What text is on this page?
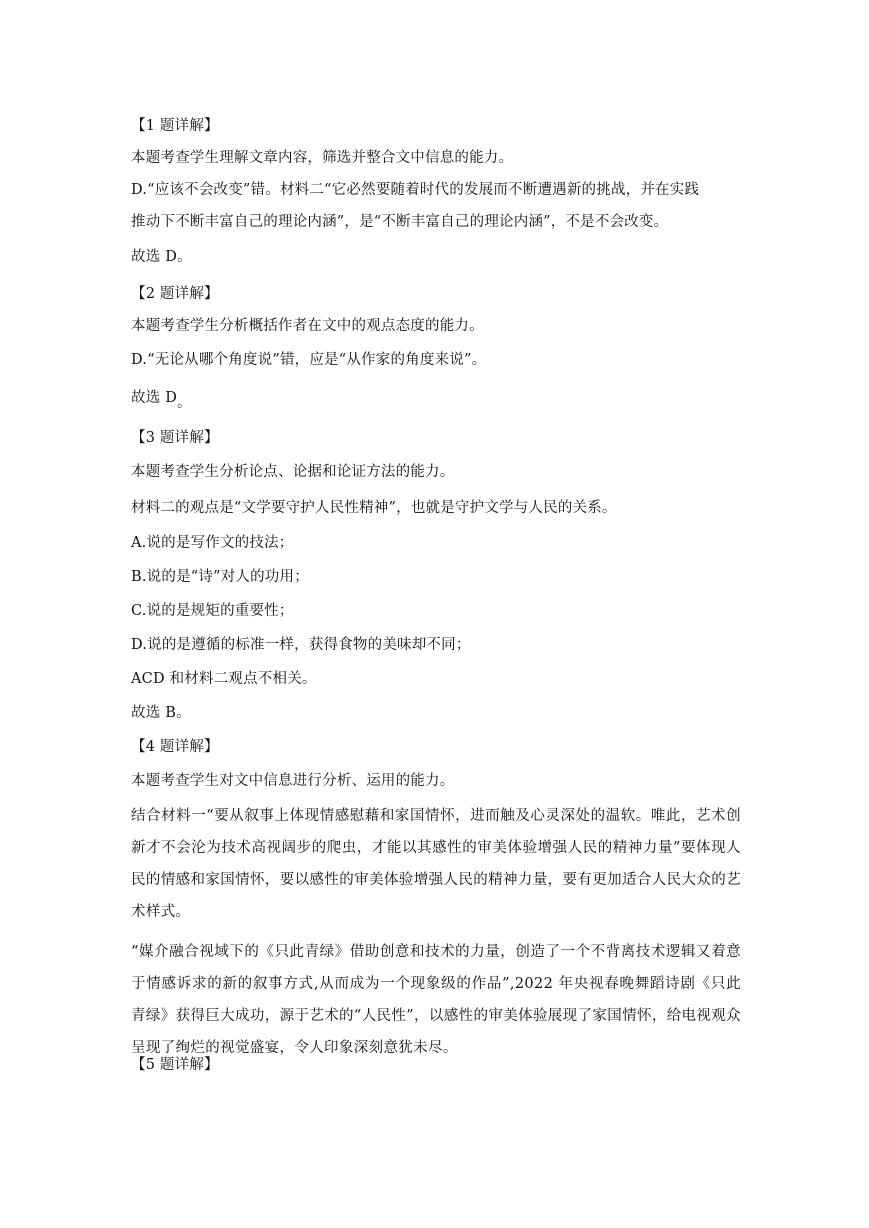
【1 题详解】
本题考查学生理解文章内容，筛选并整合文中信息的能力。
D.“应该不会改变”错。材料二“它必然要随着时代的发展而不断遭遇新的挑战，并在实践
推动下不断丰富自己的理论内涵”，是“不断丰富自己的理论内涵”，不是不会改变。
故选 D。
【2 题详解】
本题考查学生分析概括作者在文中的观点态度的能力。
D.“无论从哪个角度说”错，应是“从作家的角度来说”。
故选 D。
【3 题详解】
本题考查学生分析论点、论据和论证方法的能力。
材料二的观点是“文学要守护人民性精神”，也就是守护文学与人民的关系。
A.说的是写作文的技法；
B.说的是“诗”对人的功用；
C.说的是规矩的重要性；
D.说的是遵循的标准一样，获得食物的美味却不同；
ACD 和材料二观点不相关。
故选 B。
【4 题详解】
本题考查学生对文中信息进行分析、运用的能力。
结合材料一“要从叙事上体现情感慰藉和家国情怀，进而触及心灵深处的温软。唯此，艺术创新才不会沦为技术高视阔步的爬虫，才能以其感性的审美体验增强人民的精神力量”要体现人民的情感和家国情怀，要以感性的审美体验增强人民的精神力量，要有更加适合人民大众的艺术样式。
“媒介融合视域下的《只此青绿》借助创意和技术的力量，创造了一个不背离技术逻辑又着意于情感诉求的新的叙事方式,从而成为一个现象级的作品”,2022 年央视春晚舞蹈诗剧《只此青绿》获得巨大成功，源于艺术的“人民性”，以感性的审美体验展现了家国情怀，给电视观众呈现了绚烂的视觉盛宴，令人印象深刻意犹未尽。
【5 题详解】
